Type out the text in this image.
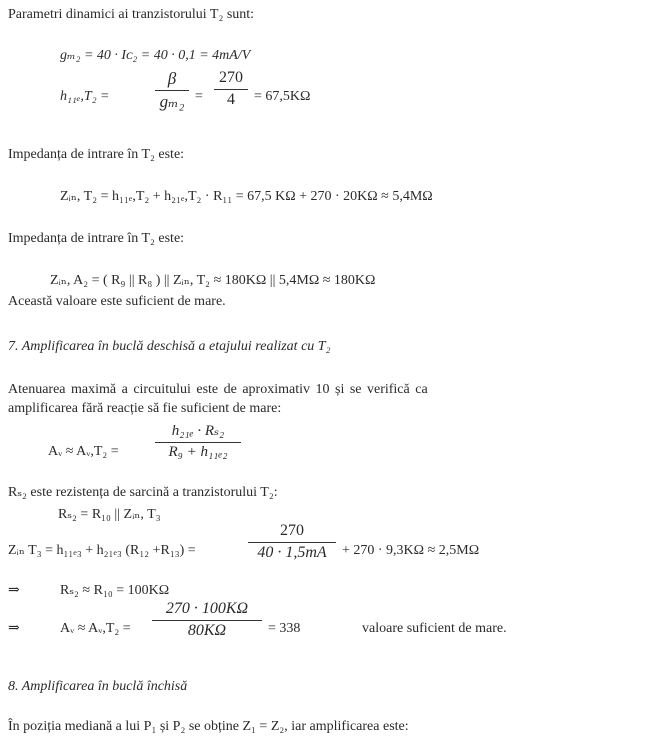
Parametri dinamici ai tranzistorului T₂ sunt:
gₘ₂ = 40 · Iᴄ₂ = 40 · 0,1 = 4mA/V
h₁₁ₑ,T₂ =
β
gₘ₂ =
270
4 = 67,5KΩ
Impedanța de intrare în T₂ este:
Zᵢₙ, T₂ = h₁₁ₑ,T₂ + h₂₁ₑ,T₂ · R₁₁ = 67,5 KΩ + 270 · 20KΩ ≈ 5,4MΩ
Impedanța de intrare în T₂ este:
Zᵢₙ, A₂ = ( R₉ || R₈ ) || Zᵢₙ, T₂ ≈ 180KΩ || 5,4MΩ ≈ 180KΩ
Această valoare este suficient de mare.
7. Amplificarea în buclă deschisă a etajului realizat cu T₂
Atenuarea maximă a circuitului este de aproximativ 10 și se verifică ca
amplificarea fără reacție să fie suficient de mare:
Aᵥ ≈ Aᵥ,T₂ =
h₂₁ₑ · Rₛ₂
R₉ + h₁₁ₑ₂
Rₛ₂ este rezistența de sarcină a tranzistorului T₂:
Rₛ₂ = R₁₀ || Zᵢₙ, T₃
Zᵢₙ T₃ = h₁₁ₑ₃ + h₂₁ₑ₃ (R₁₂ +R₁₃) =
270
40 · 1,5mA + 270 · 9,3KΩ ≈ 2,5MΩ
⇒	Rₛ₂ ≈ R₁₀ = 100KΩ
⇒	Aᵥ ≈ Aᵥ,T₂ =
270 · 100KΩ
80KΩ	= 338	valoare suficient de mare.
8. Amplificarea în buclă închisă
În poziția mediană a lui P₁ și P₂ se obține Z₁ = Z₂, iar amplificarea este:
